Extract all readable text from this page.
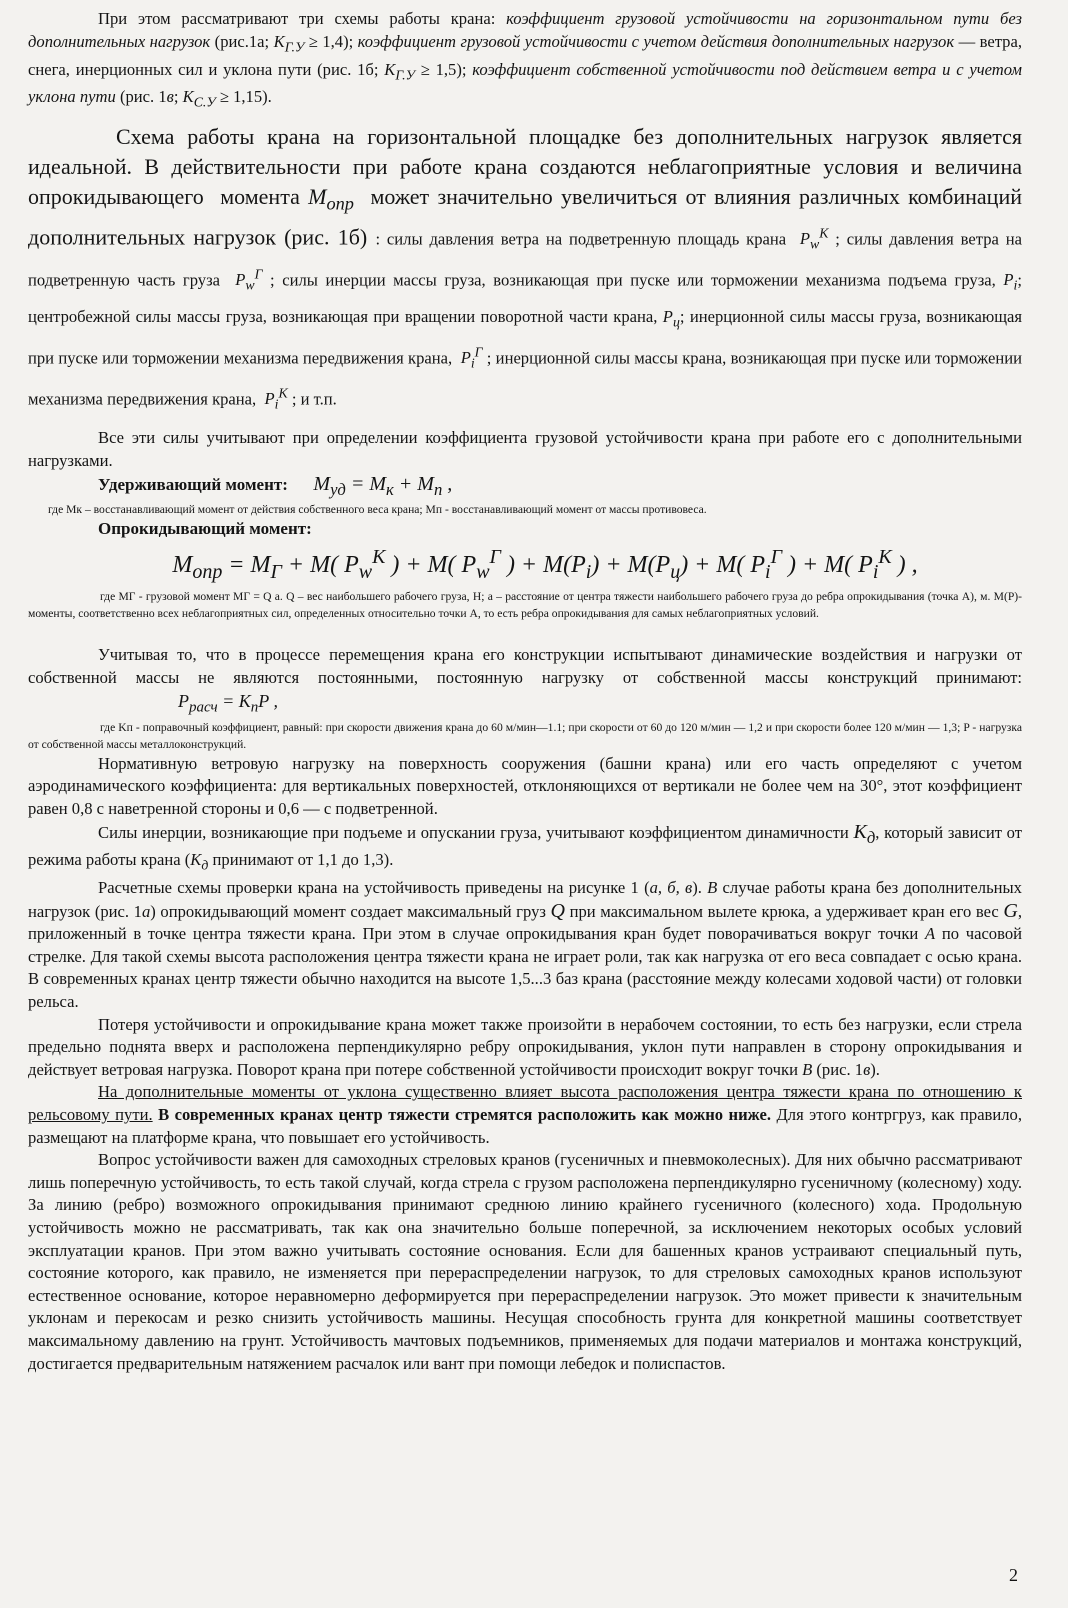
При этом рассматривают три схемы работы крана: коэффициент грузовой устойчивости на горизонтальном пути без дополнительных нагрузок (рис.1а; $K_{Г.У} \ge 1,4$); коэффициент грузовой устойчивости с учетом действия дополнительных нагрузок — ветра, снега, инерционных сил и уклона пути (рис. 1б; $K_{Г.У} \ge 1,5$); коэффициент собственной устойчивости под действием ветра и с учетом уклона пути (рис. 1в; $K_{С.У} \ge 1,15$).

Схема работы крана на горизонтальной площадке без дополнительных нагрузок является идеальной. В действительности при работе крана создаются неблагоприятные условия и величина опрокидывающего  момента $M_{опр}$  может значительно увеличиться от влияния различных комбинаций дополнительных нагрузок (рис. 1б) : силы давления ветра на подветренную площадь крана  $P_w^К$ ; силы давления ветра на подветренную часть груза  $P_w^Г$ ; силы инерции массы груза, возникающая при пуске или торможении механизма подъема груза, $P_i$; центробежной силы массы груза, возникающая при вращении поворотной части крана, $P_ц$; инерционной силы массы груза, возникающая при пуске или торможении механизма передвижения крана,  $P_i^Г$ ; инерционной силы массы крана, возникающая при пуске или торможении механизма передвижения крана,  $P_i^К$ ; и т.п.

Все эти силы учитывают при определении коэффициента грузовой устойчивости крана при работе его с дополнительными нагрузками.

Удерживающий момент: $M_{уд} = M_к + M_п$ ,

где Mк – восстанавливающий момент от действия собственного веса крана; Mп - восстанавливающий момент от массы противовеса.

Опрокидывающий момент:
$M_{опр} = M_Г + M$( $P_w^К$ ) + M( $P_w^Г$ ) + $M(P_i) + M(P_ц) + M$( $P_i^Г$ ) + M( $P_i^К$ ) ,

где MГ - грузовой момент MГ = Q a. Q – вес наибольшего рабочего груза, Н; a – расстояние от центра тяжести наибольшего рабочего груза до ребра опрокидывания (точка А), м. M(P)- моменты, соответственно всех неблагоприятных сил, определенных относительно точки A, то есть ребра опрокидывания для самых неблагоприятных условий.

Учитывая то, что в процессе перемещения крана его конструкции испытывают динамические воздействия и нагрузки от собственной массы не являются постоянными, постоянную нагрузку от собственной массы конструкций принимают: $P_{расч} = K_пP$ ,

где Kп - поправочный коэффициент, равный: при скорости движения крана до 60 м/мин—1.1; при скорости от 60 до 120 м/мин — 1,2 и при скорости более 120 м/мин — 1,3; P - нагрузка от собственной массы металлоконструкций.

Нормативную ветровую нагрузку на поверхность сооружения (башни крана) или его часть определяют с учетом аэродинамического коэффициента: для вертикальных поверхностей, отклоняющихся от вертикали не более чем на 30°, этот коэффициент равен 0,8 с наветренной стороны и 0,6 — с подветренной.

Силы инерции, возникающие при подъеме и опускании груза, учитывают коэффициентом динамичности $K_д$, который зависит от режима работы крана ($K_д$ принимают от 1,1 до 1,3).

Расчетные схемы проверки крана на устойчивость приведены на рисунке 1 (а, б, в). В случае работы крана без дополнительных нагрузок (рис. 1а) опрокидывающий момент создает максимальный груз Q при максимальном вылете крюка, а удерживает кран его вес G, приложенный в точке центра тяжести крана. При этом в случае опрокидывания кран будет поворачиваться вокруг точки A по часовой стрелке. Для такой схемы высота расположения центра тяжести крана не играет роли, так как нагрузка от его веса совпадает с осью крана. В современных кранах центр тяжести обычно находится на высоте 1,5...3 баз крана (расстояние между колесами ходовой части) от головки рельса.

Потеря устойчивости и опрокидывание крана может также произойти в нерабочем состоянии, то есть без нагрузки, если стрела предельно поднята вверх и расположена перпендикулярно ребру опрокидывания, уклон пути направлен в сторону опрокидывания и действует ветровая нагрузка. Поворот крана при потере собственной устойчивости происходит вокруг точки B (рис. 1в).

На дополнительные моменты от уклона существенно влияет высота расположения центра тяжести крана по отношению к рельсовому пути. В современных кранах центр тяжести стремятся расположить как можно ниже. Для этого контргруз, как правило, размещают на платформе крана, что повышает его устойчивость.

Вопрос устойчивости важен для самоходных стреловых кранов (гусеничных и пневмоколесных). Для них обычно рассматривают лишь поперечную устойчивость, то есть такой случай, когда стрела с грузом расположена перпендикулярно гусеничному (колесному) ходу. За линию (ребро) возможного опрокидывания принимают среднюю линию крайнего гусеничного (колесного) хода. Продольную устойчивость можно не рассматривать, так как она значительно больше поперечной, за исключением некоторых особых условий эксплуатации кранов. При этом важно учитывать состояние основания. Если для башенных кранов устраивают специальный путь, состояние которого, как правило, не изменяется при перераспределении нагрузок, то для стреловых самоходных кранов используют естественное основание, которое неравномерно деформируется при перераспределении нагрузок. Это может привести к значительным уклонам и перекосам и резко снизить устойчивость машины. Несущая способность грунта для конкретной машины соответствует максимальному давлению на грунт. Устойчивость мачтовых подъемников, применяемых для подачи материалов и монтажа конструкций, достигается предварительным натяжением расчалок или вант при помощи лебедок и полиспастов.

2
